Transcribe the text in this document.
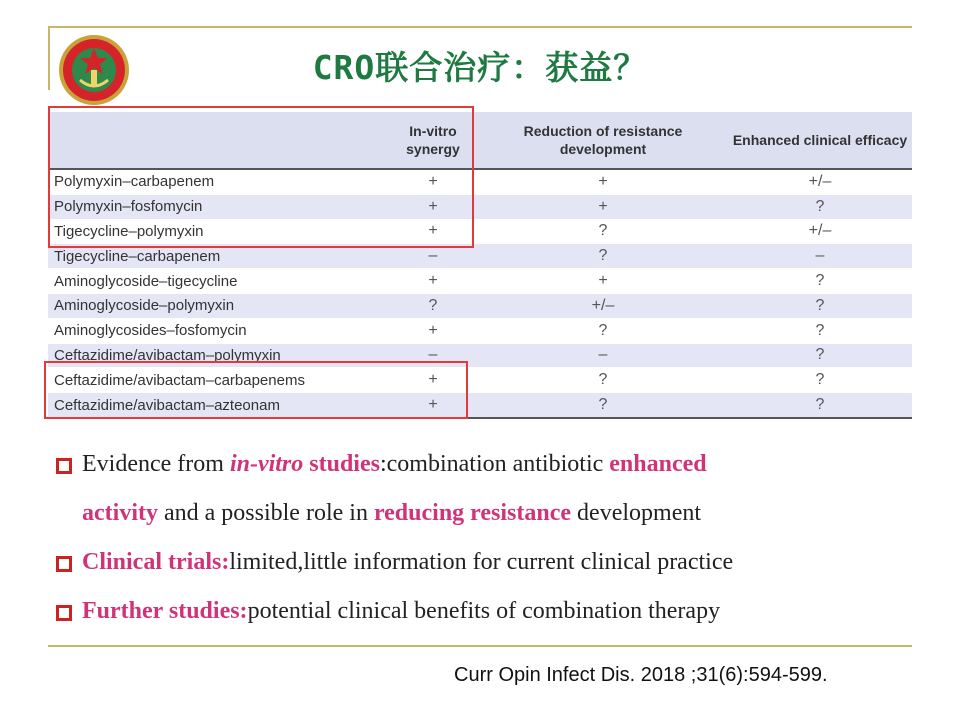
CRO联合治疗：获益？
	In-vitro synergy	Reduction of resistance development	Enhanced clinical efficacy
Polymyxin–carbapenem	+	+	+/–
Polymyxin–fosfomycin	+	+	?
Tigecycline–polymyxin	+	?	+/–
Tigecycline–carbapenem	–	?	–
Aminoglycoside–tigecycline	+	+	?
Aminoglycoside–polymyxin	?	+/–	?
Aminoglycosides–fosfomycin	+	?	?
Ceftazidime/avibactam–polymyxin	–	–	?
Ceftazidime/avibactam–carbapenems	+	?	?
Ceftazidime/avibactam–azteonam	+	?	?
Evidence from in-vitro studies:combination antibiotic enhanced
activity and a possible role in reducing resistance development
Clinical trials:limited,little information for current clinical practice
Further studies:potential clinical benefits of combination therapy
Curr Opin Infect Dis. 2018 ;31(6):594-599.
